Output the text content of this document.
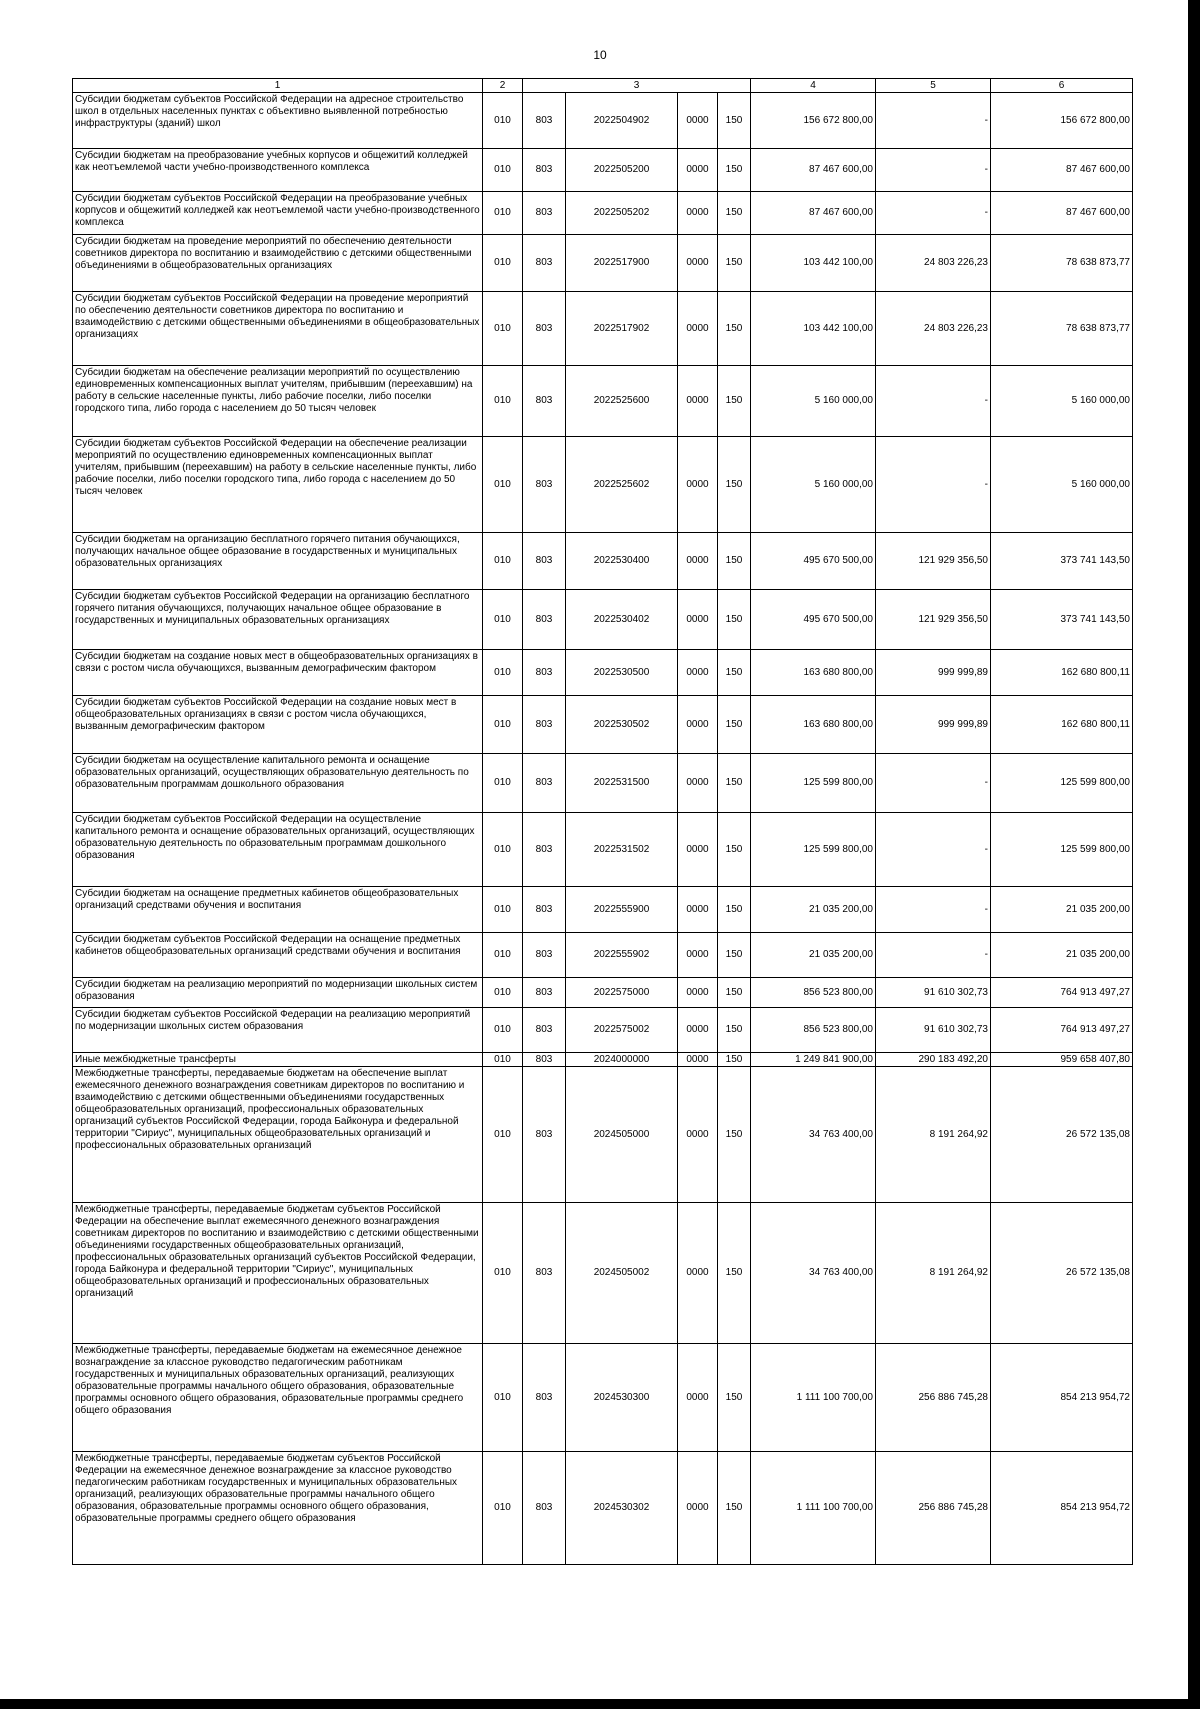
10
1	2	3				4	5	6
Субсидии бюджетам субъектов Российской Федерации на адресное строительство школ в отдельных населенных пунктах с объективно выявленной потребностью инфраструктуры (зданий) школ	010	803	2022504902	0000	150	156 672 800,00	-	156 672 800,00
Субсидии бюджетам на преобразование учебных корпусов и общежитий колледжей как неотъемлемой части учебно-производственного комплекса	010	803	2022505200	0000	150	87 467 600,00	-	87 467 600,00
Субсидии бюджетам субъектов Российской Федерации на преобразование учебных корпусов и общежитий колледжей как неотъемлемой части учебно-производственного комплекса	010	803	2022505202	0000	150	87 467 600,00	-	87 467 600,00
Субсидии бюджетам на проведение мероприятий по обеспечению деятельности советников директора по воспитанию и взаимодействию с детскими общественными объединениями в общеобразовательных организациях	010	803	2022517900	0000	150	103 442 100,00	24 803 226,23	78 638 873,77
Субсидии бюджетам субъектов Российской Федерации на проведение мероприятий по обеспечению деятельности советников директора по воспитанию и взаимодействию с детскими общественными объединениями в общеобразовательных организациях	010	803	2022517902	0000	150	103 442 100,00	24 803 226,23	78 638 873,77
Субсидии бюджетам на обеспечение реализации мероприятий по осуществлению единовременных компенсационных выплат учителям, прибывшим (переехавшим) на работу в сельские населенные пункты, либо рабочие поселки, либо поселки городского типа, либо города с населением до 50 тысяч человек	010	803	2022525600	0000	150	5 160 000,00	-	5 160 000,00
Субсидии бюджетам субъектов Российской Федерации на обеспечение реализации мероприятий по осуществлению единовременных компенсационных выплат учителям, прибывшим (переехавшим) на работу в сельские населенные пункты, либо рабочие поселки, либо поселки городского типа, либо города с населением до 50 тысяч человек	010	803	2022525602	0000	150	5 160 000,00	-	5 160 000,00
Субсидии бюджетам на организацию бесплатного горячего питания обучающихся, получающих начальное общее образование в государственных и муниципальных образовательных организациях	010	803	2022530400	0000	150	495 670 500,00	121 929 356,50	373 741 143,50
Субсидии бюджетам субъектов Российской Федерации на организацию бесплатного горячего питания обучающихся, получающих начальное общее образование в государственных и муниципальных образовательных организациях	010	803	2022530402	0000	150	495 670 500,00	121 929 356,50	373 741 143,50
Субсидии бюджетам на создание новых мест в общеобразовательных организациях в связи с ростом числа обучающихся, вызванным демографическим фактором	010	803	2022530500	0000	150	163 680 800,00	999 999,89	162 680 800,11
Субсидии бюджетам субъектов Российской Федерации на создание новых мест в общеобразовательных организациях в связи с ростом числа обучающихся, вызванным демографическим фактором	010	803	2022530502	0000	150	163 680 800,00	999 999,89	162 680 800,11
Субсидии бюджетам на осуществление капитального ремонта и оснащение образовательных организаций, осуществляющих образовательную деятельность по образовательным программам дошкольного образования	010	803	2022531500	0000	150	125 599 800,00	-	125 599 800,00
Субсидии бюджетам субъектов Российской Федерации на осуществление капитального ремонта и оснащение образовательных организаций, осуществляющих образовательную деятельность по образовательным программам дошкольного образования	010	803	2022531502	0000	150	125 599 800,00	-	125 599 800,00
Субсидии бюджетам на оснащение предметных кабинетов общеобразовательных организаций средствами обучения и воспитания	010	803	2022555900	0000	150	21 035 200,00	-	21 035 200,00
Субсидии бюджетам субъектов Российской Федерации на оснащение предметных кабинетов общеобразовательных организаций средствами обучения и воспитания	010	803	2022555902	0000	150	21 035 200,00	-	21 035 200,00
Субсидии бюджетам на реализацию мероприятий по модернизации школьных систем образования	010	803	2022575000	0000	150	856 523 800,00	91 610 302,73	764 913 497,27
Субсидии бюджетам субъектов Российской Федерации на реализацию мероприятий по модернизации школьных систем образования	010	803	2022575002	0000	150	856 523 800,00	91 610 302,73	764 913 497,27
Иные межбюджетные трансферты	010	803	2024000000	0000	150	1 249 841 900,00	290 183 492,20	959 658 407,80
Межбюджетные трансферты, передаваемые бюджетам на обеспечение выплат ежемесячного денежного вознаграждения советникам директоров по воспитанию и взаимодействию с детскими общественными объединениями государственных общеобразовательных организаций, профессиональных образовательных организаций субъектов Российской Федерации, города Байконура и федеральной территории "Сириус", муниципальных общеобразовательных организаций и профессиональных образовательных организаций	010	803	2024505000	0000	150	34 763 400,00	8 191 264,92	26 572 135,08
Межбюджетные трансферты, передаваемые бюджетам субъектов Российской Федерации на обеспечение выплат ежемесячного денежного вознаграждения советникам директоров по воспитанию и взаимодействию с детскими общественными объединениями государственных общеобразовательных организаций, профессиональных образовательных организаций субъектов Российской Федерации, города Байконура и федеральной территории "Сириус", муниципальных общеобразовательных организаций и профессиональных образовательных организаций	010	803	2024505002	0000	150	34 763 400,00	8 191 264,92	26 572 135,08
Межбюджетные трансферты, передаваемые бюджетам на ежемесячное денежное вознаграждение за классное руководство педагогическим работникам государственных и муниципальных образовательных организаций, реализующих образовательные программы начального общего образования, образовательные программы основного общего образования, образовательные программы среднего общего образования	010	803	2024530300	0000	150	1 111 100 700,00	256 886 745,28	854 213 954,72
Межбюджетные трансферты, передаваемые бюджетам субъектов Российской Федерации на ежемесячное денежное вознаграждение за классное руководство педагогическим работникам государственных и муниципальных образовательных организаций, реализующих образовательные программы начального общего образования, образовательные программы основного общего образования, образовательные программы среднего общего образования	010	803	2024530302	0000	150	1 111 100 700,00	256 886 745,28	854 213 954,72
